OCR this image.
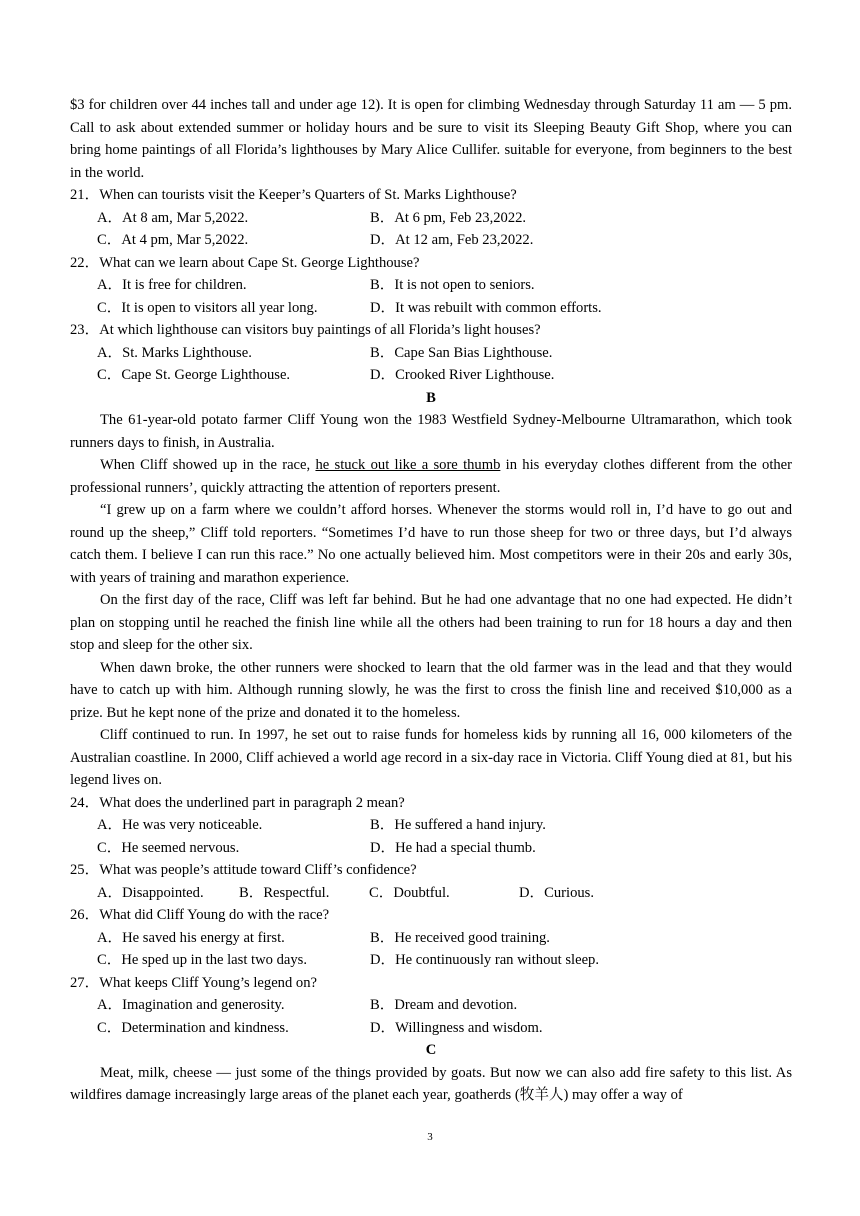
$3 for children over 44 inches tall and under age 12). It is open for climbing Wednesday through Saturday 11 am — 5 pm. Call to ask about extended summer or holiday hours and be sure to visit its Sleeping Beauty Gift Shop, where you can bring home paintings of all Florida’s lighthouses by Mary Alice Cullifer. suitable for everyone, from beginners to the best in the world.

21．When can tourists visit the Keeper’s Quarters of St. Marks Lighthouse?

A．At 8 am, Mar 5,2022.	B．At 6 pm, Feb 23,2022.
C．At 4 pm, Mar 5,2022.	D．At 12 am, Feb 23,2022.

22．What can we learn about Cape St. George Lighthouse?

A．It is free for children.	B．It is not open to seniors.
C．It is open to visitors all year long.	D．It was rebuilt with common efforts.

23．At which lighthouse can visitors buy paintings of all Florida’s light houses?

A．St. Marks Lighthouse.	B．Cape San Bias Lighthouse.
C．Cape St. George Lighthouse.	D．Crooked River Lighthouse.

B

The 61-year-old potato farmer Cliff Young won the 1983 Westfield Sydney-Melbourne Ultramarathon, which took runners days to finish, in Australia.

When Cliff showed up in the race, he stuck out like a sore thumb in his everyday clothes different from the other professional runners’, quickly attracting the attention of reporters present.

“I grew up on a farm where we couldn’t afford horses. Whenever the storms would roll in, I’d have to go out and round up the sheep,” Cliff told reporters. “Sometimes I’d have to run those sheep for two or three days, but I’d always catch them. I believe I can run this race.” No one actually believed him. Most competitors were in their 20s and early 30s, with years of training and marathon experience.

On the first day of the race, Cliff was left far behind. But he had one advantage that no one had expected. He didn’t plan on stopping until he reached the finish line while all the others had been training to run for 18 hours a day and then stop and sleep for the other six.

When dawn broke, the other runners were shocked to learn that the old farmer was in the lead and that they would have to catch up with him. Although running slowly, he was the first to cross the finish line and received $10,000 as a prize. But he kept none of the prize and donated it to the homeless.

Cliff continued to run. In 1997, he set out to raise funds for homeless kids by running all 16, 000 kilometers of the Australian coastline. In 2000, Cliff achieved a world age record in a six-day race in Victoria. Cliff Young died at 81, but his legend lives on.

24．What does the underlined part in paragraph 2 mean?

A．He was very noticeable.	B．He suffered a hand injury.
C．He seemed nervous.	D．He had a special thumb.

25．What was people’s attitude toward Cliff’s confidence?

A．Disappointed.	B．Respectful.	C．Doubtful.	D．Curious.

26．What did Cliff Young do with the race?

A．He saved his energy at first.	B．He received good training.
C．He sped up in the last two days.	D．He continuously ran without sleep.

27．What keeps Cliff Young’s legend on?

A．Imagination and generosity.	B．Dream and devotion.
C．Determination and kindness.	D．Willingness and wisdom.

C

Meat, milk, cheese — just some of the things provided by goats. But now we can also add fire safety to this list. As wildfires damage increasingly large areas of the planet each year, goatherds (牧羊人) may offer a way of

3
